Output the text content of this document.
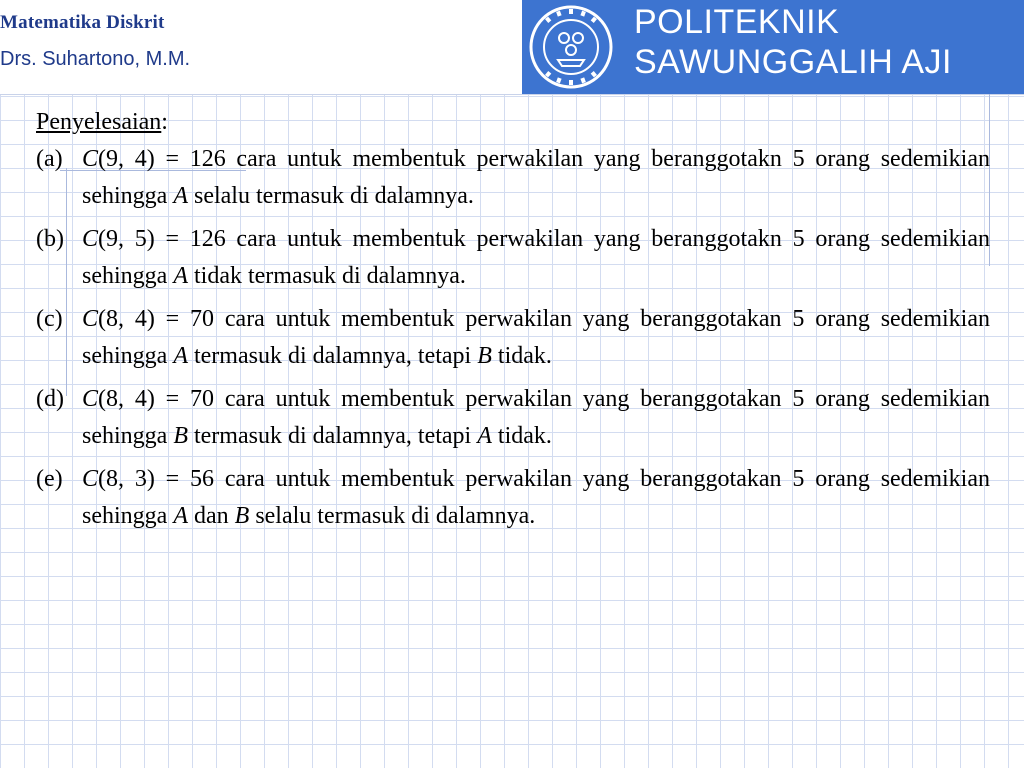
Matematika Diskrit
Drs. Suhartono, M.M.
POLITEKNIK
SAWUNGGALIH AJI
Penyelesaian:
(a) C(9, 4) = 126 cara untuk membentuk perwakilan yang beranggotakn 5 orang sedemikian sehingga A selalu termasuk di dalamnya.
(b) C(9, 5) = 126 cara untuk membentuk perwakilan yang beranggotakn 5 orang sedemikian sehingga A tidak termasuk di dalamnya.
(c) C(8, 4) = 70 cara untuk membentuk perwakilan yang beranggotakan 5 orang sedemikian sehingga A termasuk di dalamnya, tetapi B tidak.
(d) C(8, 4) = 70 cara untuk membentuk perwakilan yang beranggotakan 5 orang sedemikian sehingga B termasuk di dalamnya, tetapi A tidak.
(e) C(8, 3) = 56 cara untuk membentuk perwakilan yang beranggotakan 5 orang sedemikian sehingga A dan B selalu termasuk di dalamnya.
